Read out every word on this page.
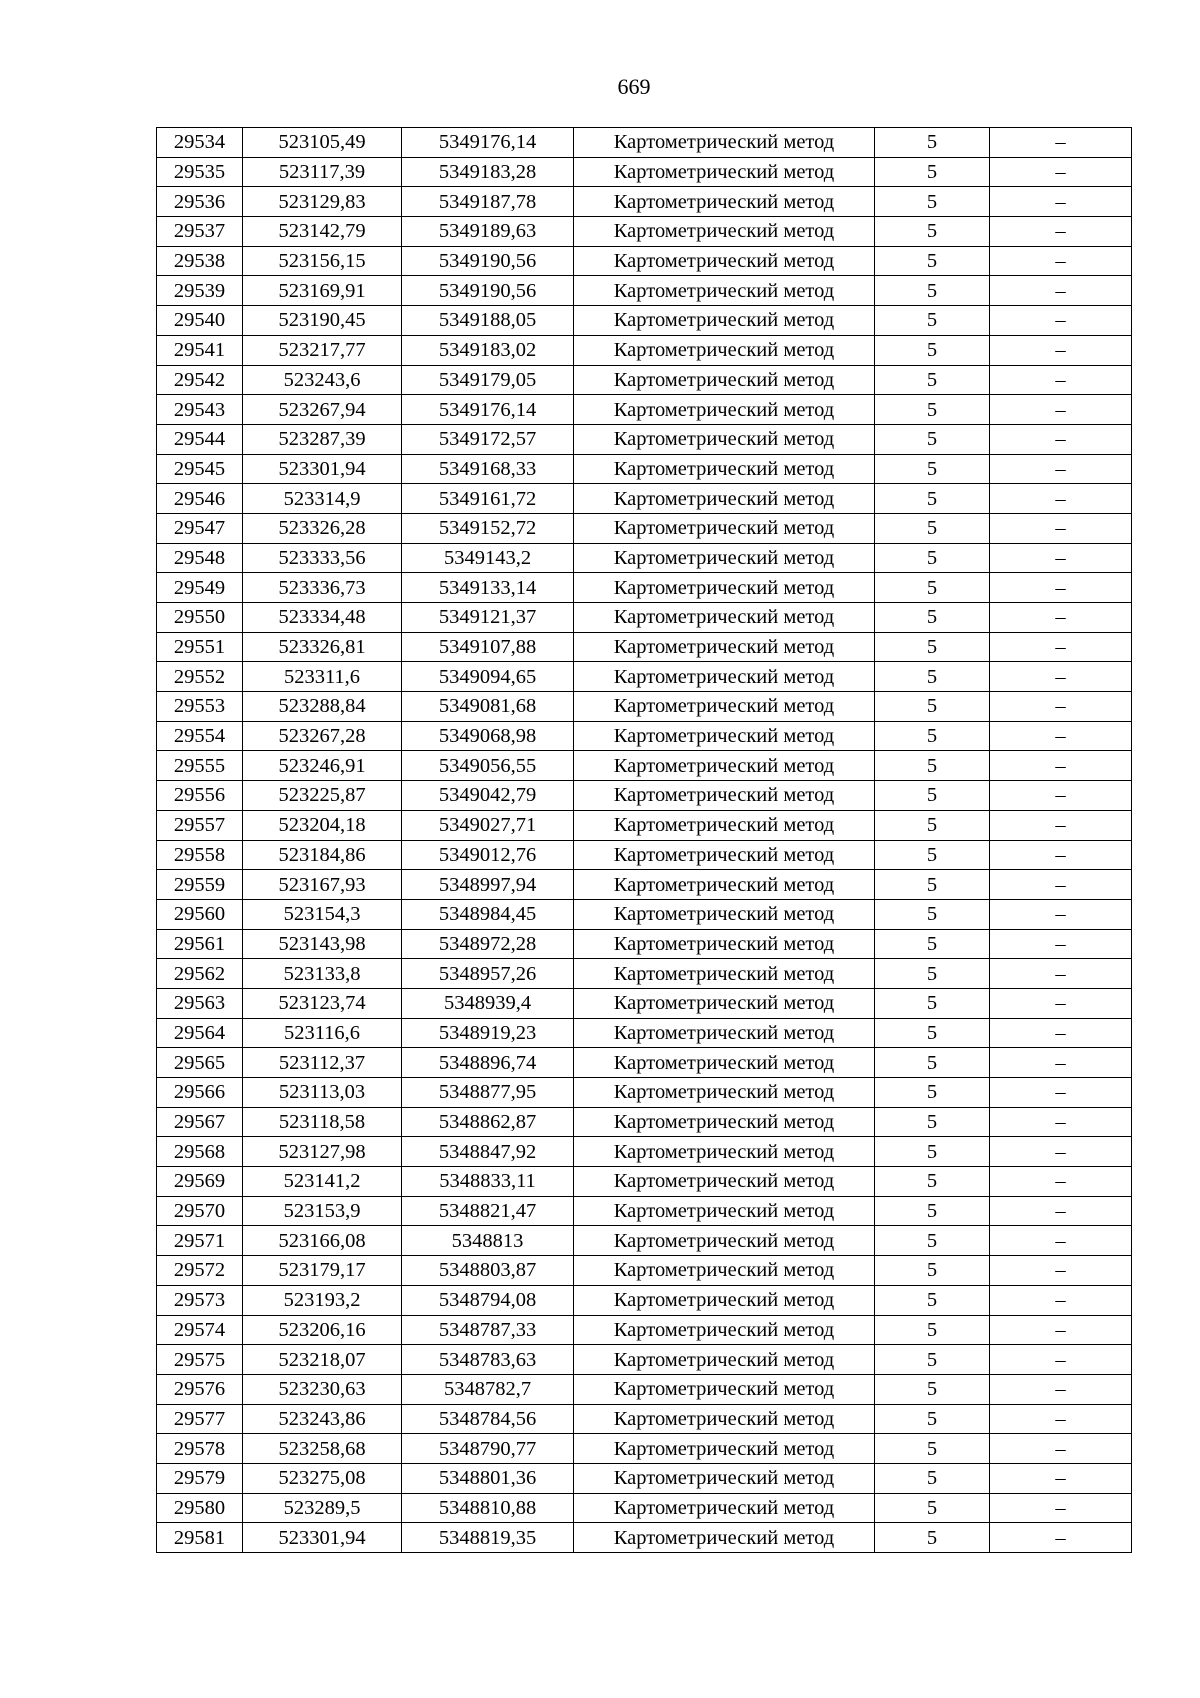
669
29534	523105,49	5349176,14	Картометрический метод	5	–
29535	523117,39	5349183,28	Картометрический метод	5	–
29536	523129,83	5349187,78	Картометрический метод	5	–
29537	523142,79	5349189,63	Картометрический метод	5	–
29538	523156,15	5349190,56	Картометрический метод	5	–
29539	523169,91	5349190,56	Картометрический метод	5	–
29540	523190,45	5349188,05	Картометрический метод	5	–
29541	523217,77	5349183,02	Картометрический метод	5	–
29542	523243,6	5349179,05	Картометрический метод	5	–
29543	523267,94	5349176,14	Картометрический метод	5	–
29544	523287,39	5349172,57	Картометрический метод	5	–
29545	523301,94	5349168,33	Картометрический метод	5	–
29546	523314,9	5349161,72	Картометрический метод	5	–
29547	523326,28	5349152,72	Картометрический метод	5	–
29548	523333,56	5349143,2	Картометрический метод	5	–
29549	523336,73	5349133,14	Картометрический метод	5	–
29550	523334,48	5349121,37	Картометрический метод	5	–
29551	523326,81	5349107,88	Картометрический метод	5	–
29552	523311,6	5349094,65	Картометрический метод	5	–
29553	523288,84	5349081,68	Картометрический метод	5	–
29554	523267,28	5349068,98	Картометрический метод	5	–
29555	523246,91	5349056,55	Картометрический метод	5	–
29556	523225,87	5349042,79	Картометрический метод	5	–
29557	523204,18	5349027,71	Картометрический метод	5	–
29558	523184,86	5349012,76	Картометрический метод	5	–
29559	523167,93	5348997,94	Картометрический метод	5	–
29560	523154,3	5348984,45	Картометрический метод	5	–
29561	523143,98	5348972,28	Картометрический метод	5	–
29562	523133,8	5348957,26	Картометрический метод	5	–
29563	523123,74	5348939,4	Картометрический метод	5	–
29564	523116,6	5348919,23	Картометрический метод	5	–
29565	523112,37	5348896,74	Картометрический метод	5	–
29566	523113,03	5348877,95	Картометрический метод	5	–
29567	523118,58	5348862,87	Картометрический метод	5	–
29568	523127,98	5348847,92	Картометрический метод	5	–
29569	523141,2	5348833,11	Картометрический метод	5	–
29570	523153,9	5348821,47	Картометрический метод	5	–
29571	523166,08	5348813	Картометрический метод	5	–
29572	523179,17	5348803,87	Картометрический метод	5	–
29573	523193,2	5348794,08	Картометрический метод	5	–
29574	523206,16	5348787,33	Картометрический метод	5	–
29575	523218,07	5348783,63	Картометрический метод	5	–
29576	523230,63	5348782,7	Картометрический метод	5	–
29577	523243,86	5348784,56	Картометрический метод	5	–
29578	523258,68	5348790,77	Картометрический метод	5	–
29579	523275,08	5348801,36	Картометрический метод	5	–
29580	523289,5	5348810,88	Картометрический метод	5	–
29581	523301,94	5348819,35	Картометрический метод	5	–
